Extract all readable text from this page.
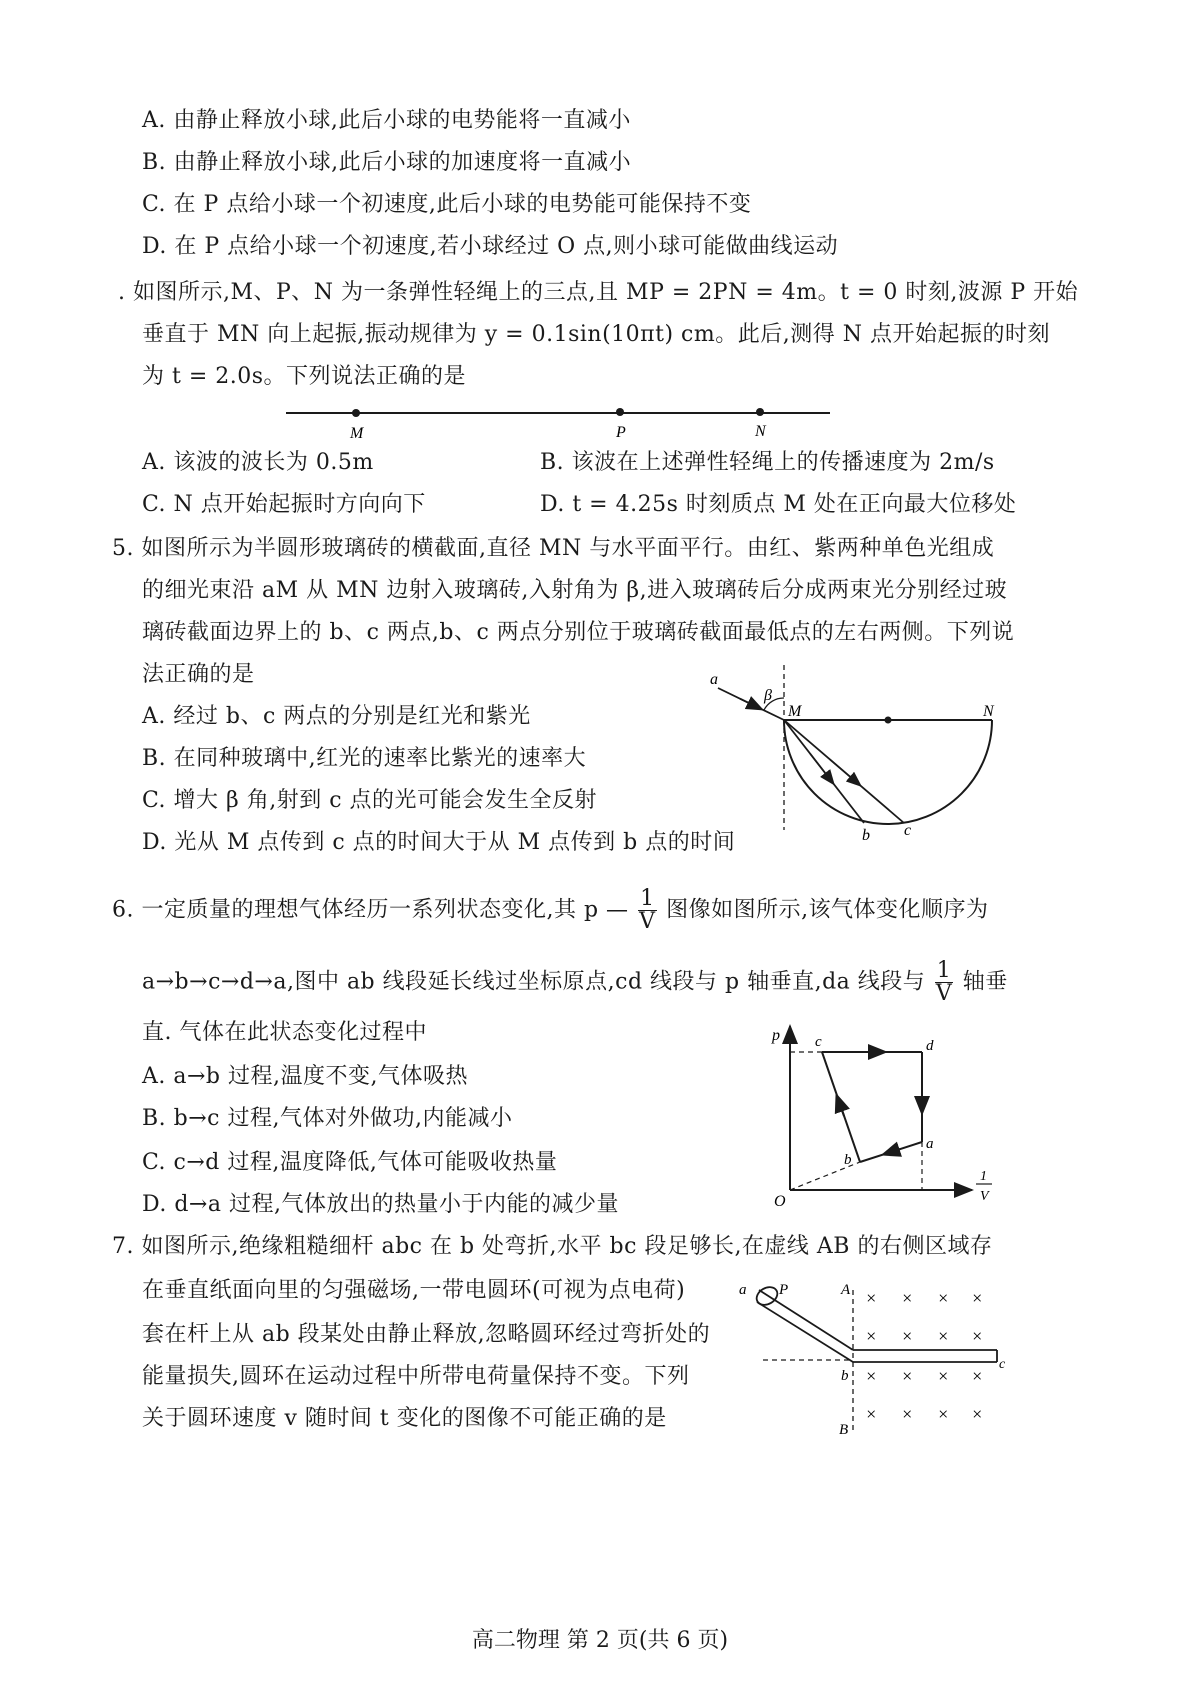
A. 由静止释放小球,此后小球的电势能将一直减小
B. 由静止释放小球,此后小球的加速度将一直减小
C. 在 P 点给小球一个初速度,此后小球的电势能可能保持不变
D. 在 P 点给小球一个初速度,若小球经过 O 点,则小球可能做曲线运动
. 如图所示,M、P、N 为一条弹性轻绳上的三点,且 MP = 2PN = 4m。t = 0 时刻,波源 P 开始
垂直于 MN 向上起振,振动规律为 y = 0.1sin(10πt) cm。此后,测得 N 点开始起振的时刻
为 t = 2.0s。下列说法正确的是
M	P	N
A. 该波的波长为 0.5m	B. 该波在上述弹性轻绳上的传播速度为 2m/s
C. N 点开始起振时方向向下	D. t = 4.25s 时刻质点 M 处在正向最大位移处
5. 如图所示为半圆形玻璃砖的横截面,直径 MN 与水平面平行。由红、紫两种单色光组成
的细光束沿 aM 从 MN 边射入玻璃砖,入射角为 β,进入玻璃砖后分成两束光分别经过玻
璃砖截面边界上的 b、c 两点,b、c 两点分别位于玻璃砖截面最低点的左右两侧。下列说
法正确的是
A. 经过 b、c 两点的分别是红光和紫光
B. 在同种玻璃中,红光的速率比紫光的速率大
C. 增大 β 角,射到 c 点的光可能会发生全反射
D. 光从 M 点传到 c 点的时间大于从 M 点传到 b 点的时间
a
β
M	N
b c
6. 一定质量的理想气体经历一系列状态变化,其 p — $\frac{1}{V}$ 图像如图所示,该气体变化顺序为
a→b→c→d→a,图中 ab 线段延长线过坐标原点,cd 线段与 p 轴垂直,da 线段与 $\frac{1}{V}$ 轴垂
直. 气体在此状态变化过程中
A. a→b 过程,温度不变,气体吸热
B. b→c 过程,气体对外做功,内能减小
C. c→d 过程,温度降低,气体可能吸收热量
D. d→a 过程,气体放出的热量小于内能的减少量
p
O
a
b
c	d
1
V
7. 如图所示,绝缘粗糙细杆 abc 在 b 处弯折,水平 bc 段足够长,在虚线 AB 的右侧区域存
在垂直纸面向里的匀强磁场,一带电圆环(可视为点电荷)
套在杆上从 ab 段某处由静止释放,忽略圆环经过弯折处的
能量损失,圆环在运动过程中所带电荷量保持不变。下列
关于圆环速度 v 随时间 t 变化的图像不可能正确的是
× × × ×
× × × ×
× × × ×
× × × ×
a P	A
B
b
c
高二物理 第 2 页(共 6 页)
